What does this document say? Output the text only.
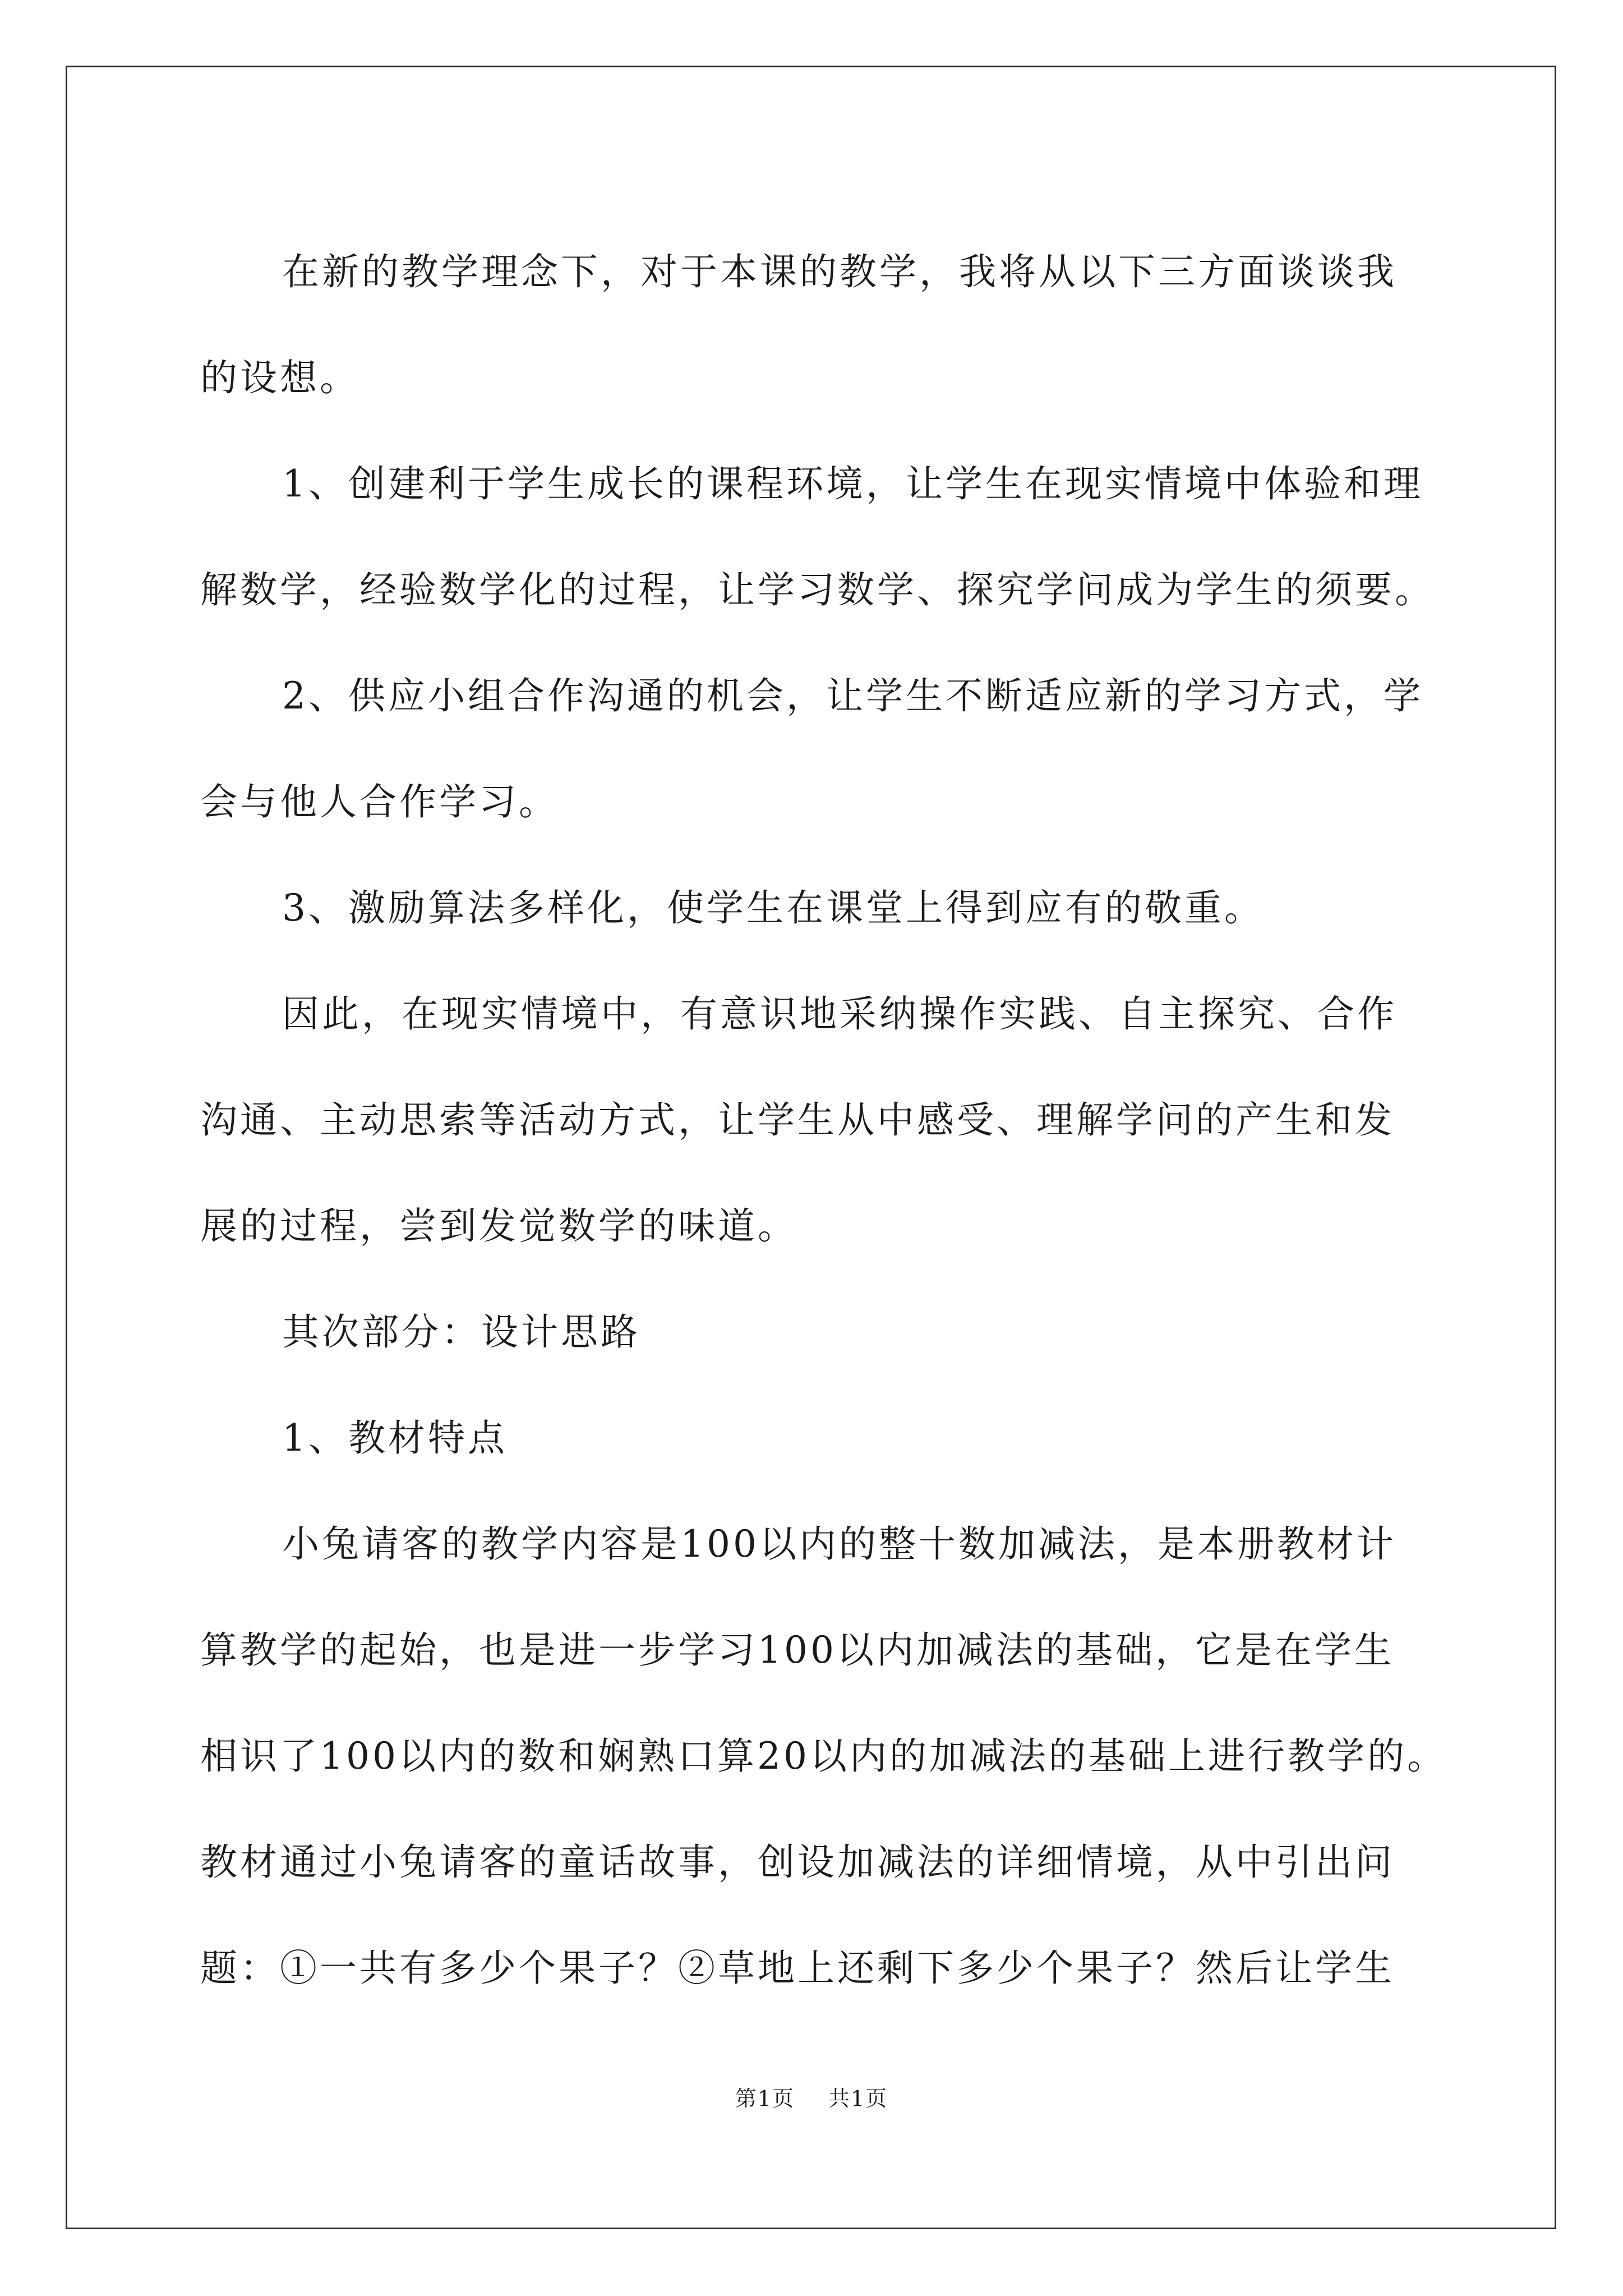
在新的教学理念下，对于本课的教学，我将从以下三方面谈谈我
的设想。
1、创建利于学生成长的课程环境，让学生在现实情境中体验和理
解数学，经验数学化的过程，让学习数学、探究学问成为学生的须要。
2、供应小组合作沟通的机会，让学生不断适应新的学习方式，学
会与他人合作学习。
3、激励算法多样化，使学生在课堂上得到应有的敬重。
因此，在现实情境中，有意识地采纳操作实践、自主探究、合作
沟通、主动思索等活动方式，让学生从中感受、理解学问的产生和发
展的过程，尝到发觉数学的味道。
其次部分：设计思路
1、教材特点
小兔请客的教学内容是100以内的整十数加减法，是本册教材计
算教学的起始，也是进一步学习100以内加减法的基础，它是在学生
相识了100以内的数和娴熟口算20以内的加减法的基础上进行教学的。
教材通过小兔请客的童话故事，创设加减法的详细情境，从中引出问
题：①一共有多少个果子？②草地上还剩下多少个果子？然后让学生
第1页 共1页
